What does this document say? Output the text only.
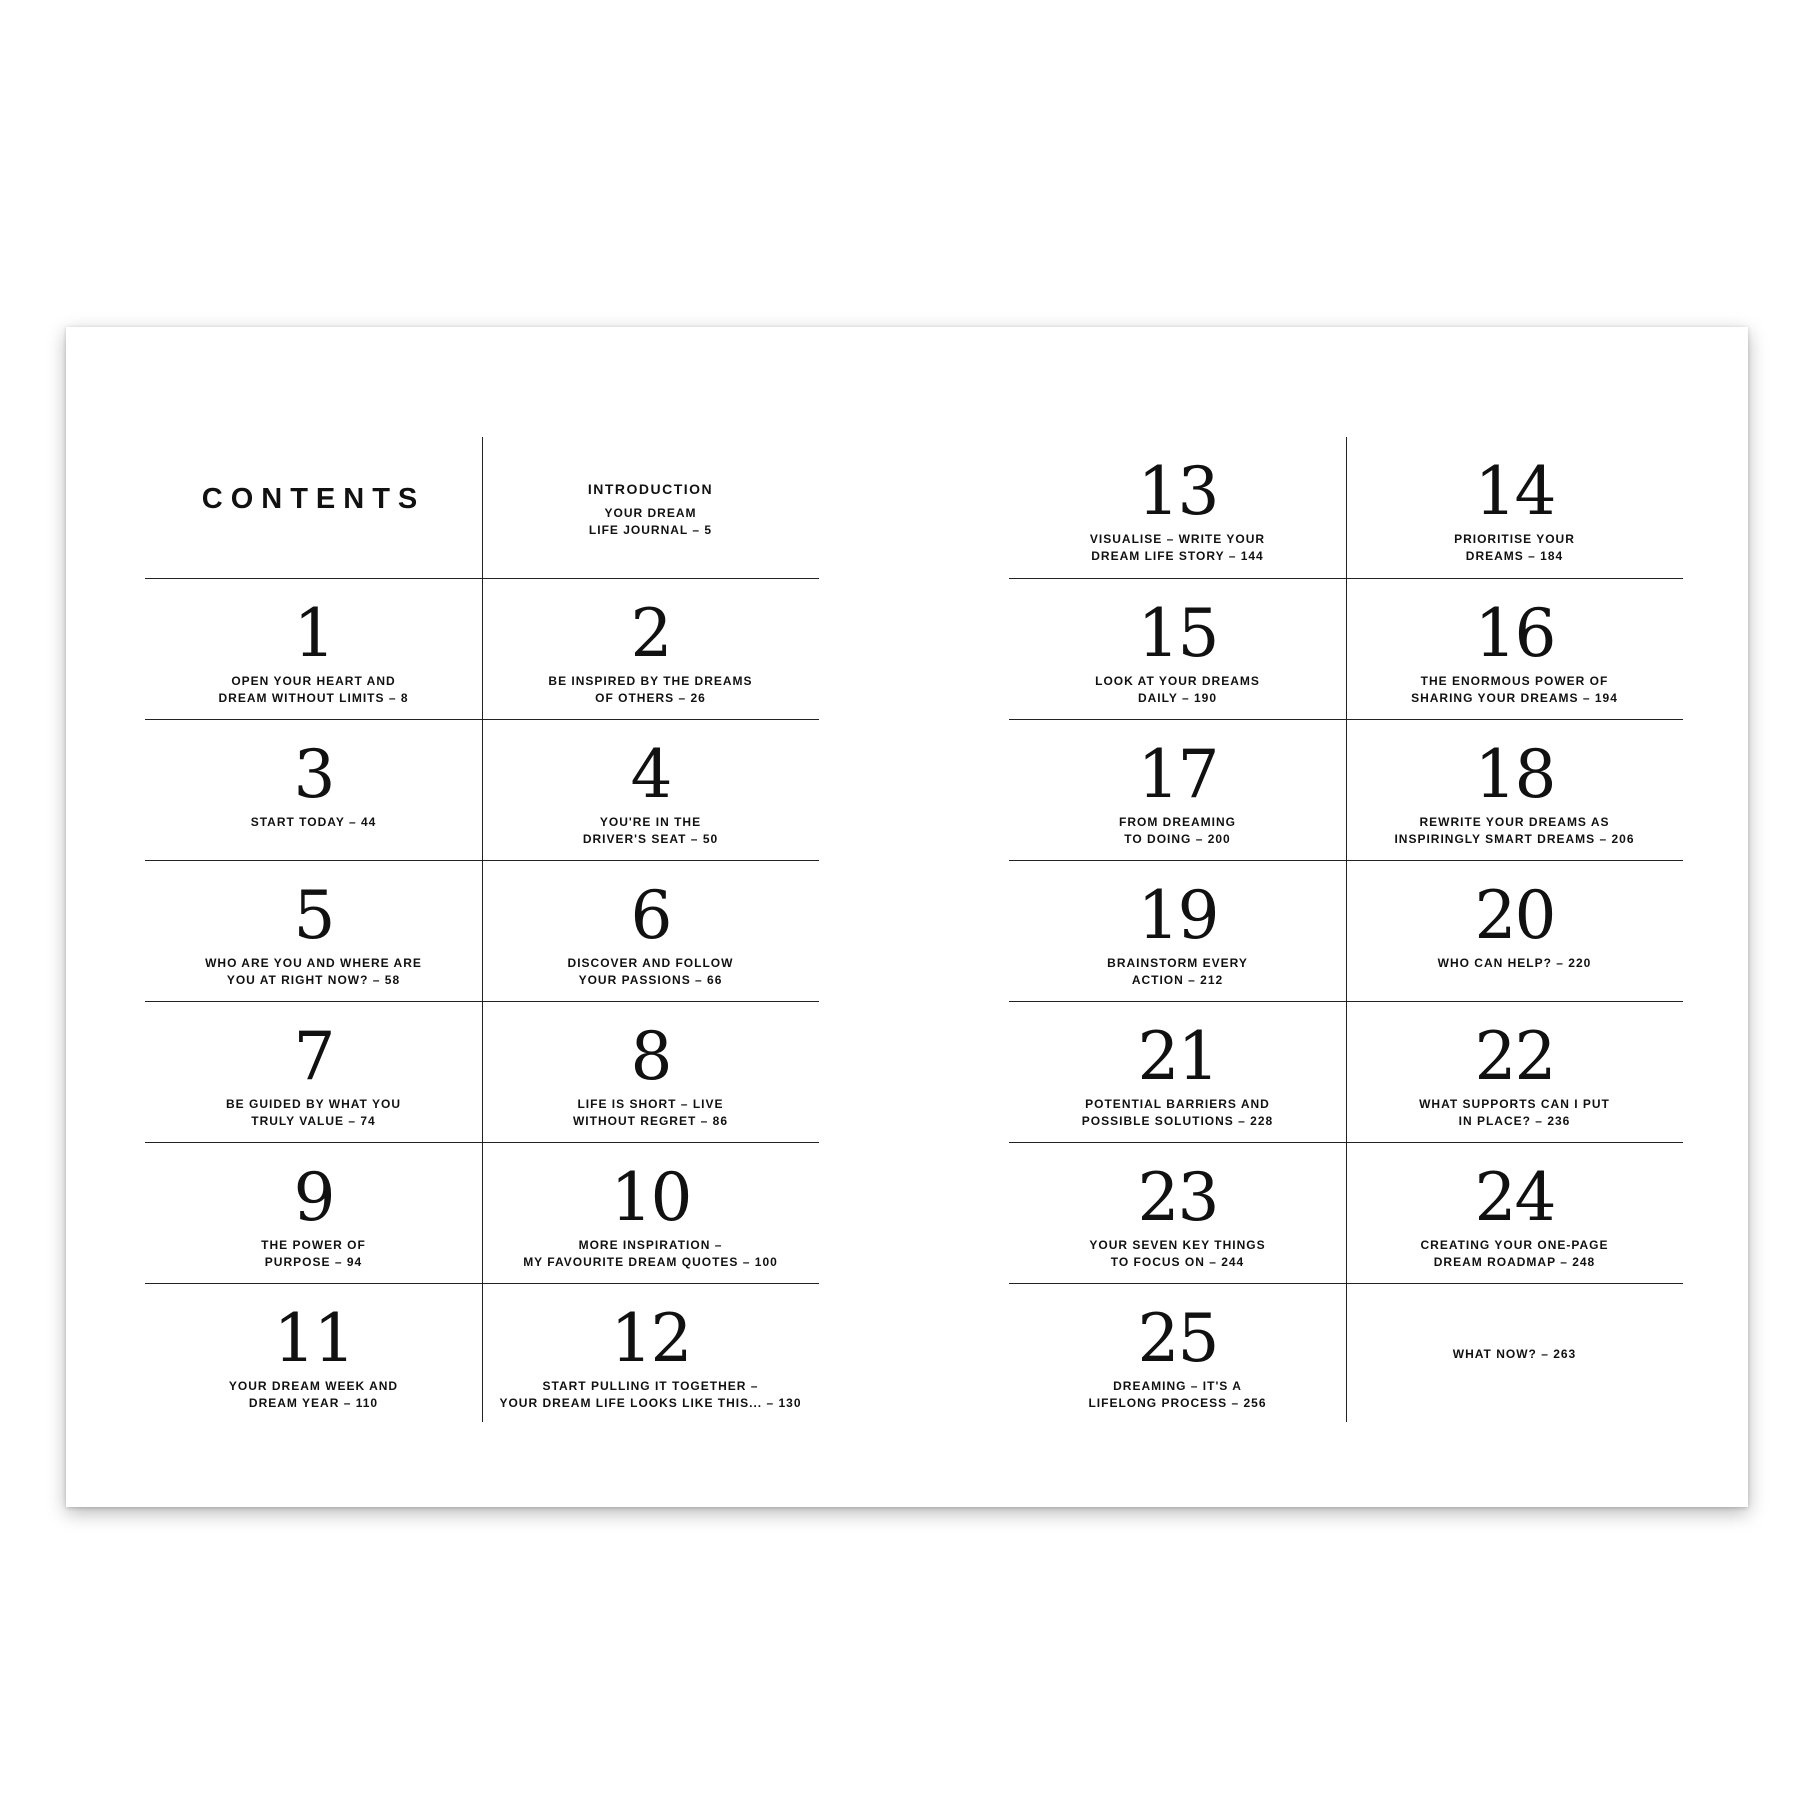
CONTENTS	INTRODUCTION
YOUR DREAM
LIFE JOURNAL – 5
1
OPEN YOUR HEART AND
DREAM WITHOUT LIMITS – 8
2
BE INSPIRED BY THE DREAMS
OF OTHERS – 26
3
START TODAY – 44
4
YOU'RE IN THE
DRIVER'S SEAT – 50
5
WHO ARE YOU AND WHERE ARE
YOU AT RIGHT NOW? – 58
6
DISCOVER AND FOLLOW
YOUR PASSIONS – 66
7
BE GUIDED BY WHAT YOU
TRULY VALUE – 74
8
LIFE IS SHORT – LIVE
WITHOUT REGRET – 86
9
THE POWER OF
PURPOSE – 94
10
MORE INSPIRATION –
MY FAVOURITE DREAM QUOTES – 100
11
YOUR DREAM WEEK AND
DREAM YEAR – 110
12
START PULLING IT TOGETHER –
YOUR DREAM LIFE LOOKS LIKE THIS... – 130
13
VISUALISE – WRITE YOUR
DREAM LIFE STORY – 144
14
PRIORITISE YOUR
DREAMS – 184
15
LOOK AT YOUR DREAMS
DAILY – 190
16
THE ENORMOUS POWER OF
SHARING YOUR DREAMS – 194
17
FROM DREAMING
TO DOING – 200
18
REWRITE YOUR DREAMS AS
INSPIRINGLY SMART DREAMS – 206
19
BRAINSTORM EVERY
ACTION – 212
20
WHO CAN HELP? – 220
21
POTENTIAL BARRIERS AND
POSSIBLE SOLUTIONS – 228
22
WHAT SUPPORTS CAN I PUT
IN PLACE? – 236
23
YOUR SEVEN KEY THINGS
TO FOCUS ON – 244
24
CREATING YOUR ONE-PAGE
DREAM ROADMAP – 248
25
DREAMING – IT'S A
LIFELONG PROCESS – 256
WHAT NOW? – 263
